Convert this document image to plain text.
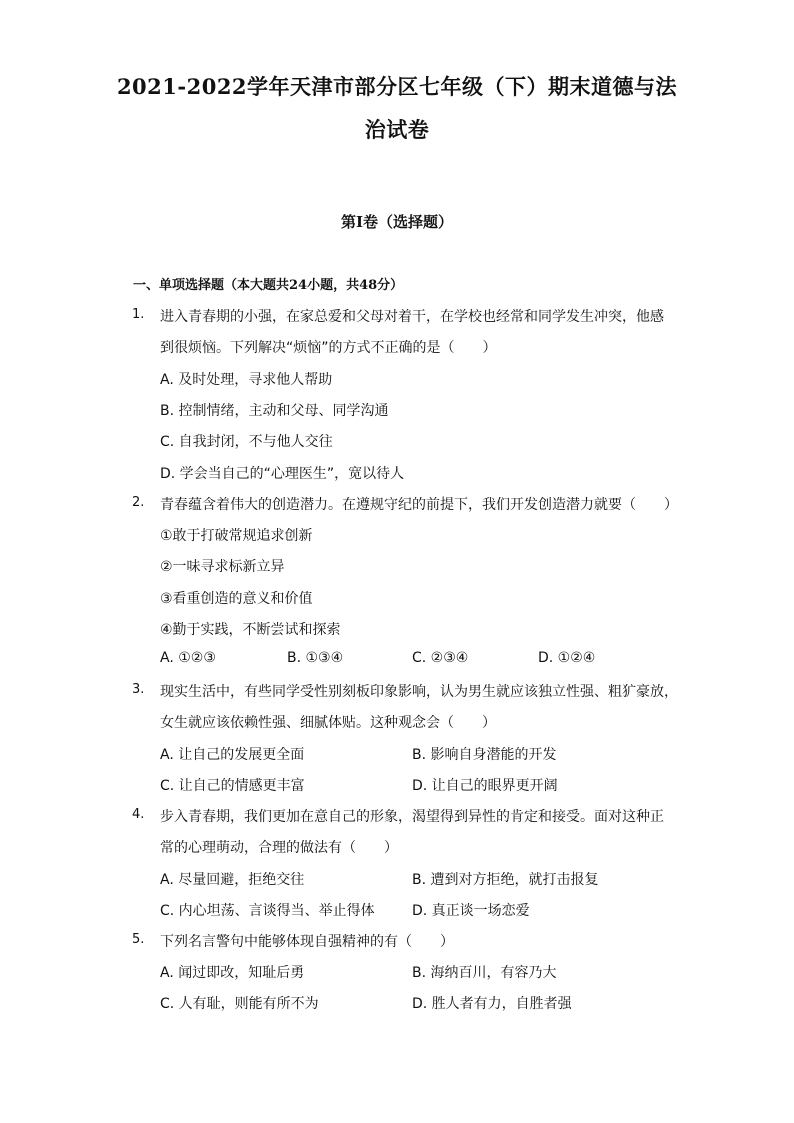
2021-2022学年天津市部分区七年级（下）期末道德与法
治试卷
第Ⅰ卷（选择题）
一、单项选择题（本大题共24小题，共48分）
1. 进入青春期的小强，在家总爱和父母对着干，在学校也经常和同学发生冲突，他感
到很烦恼。下列解决“烦恼”的方式不正确的是（　　）
A. 及时处理，寻求他人帮助
B. 控制情绪，主动和父母、同学沟通
C. 自我封闭，不与他人交往
D. 学会当自己的“心理医生”，宽以待人
2. 青春蕴含着伟大的创造潜力。在遵规守纪的前提下，我们开发创造潜力就要（　　）
①敢于打破常规追求创新
②一味寻求标新立异
③看重创造的意义和价值
④勤于实践，不断尝试和探索
A. ①②③	B. ①③④	C. ②③④	D. ①②④
3. 现实生活中，有些同学受性别刻板印象影响，认为男生就应该独立性强、粗犷豪放，
女生就应该依赖性强、细腻体贴。这种观念会（　　）
A. 让自己的发展更全面	B. 影响自身潜能的开发
C. 让自己的情感更丰富	D. 让自己的眼界更开阔
4. 步入青春期，我们更加在意自己的形象，渴望得到异性的肯定和接受。面对这种正
常的心理萌动，合理的做法有（　　）
A. 尽量回避，拒绝交往	B. 遭到对方拒绝，就打击报复
C. 内心坦荡、言谈得当、举止得体	D. 真正谈一场恋爱
5. 下列名言警句中能够体现自强精神的有（　　）
A. 闻过即改，知耻后勇	B. 海纳百川，有容乃大
C. 人有耻，则能有所不为	D. 胜人者有力，自胜者强
